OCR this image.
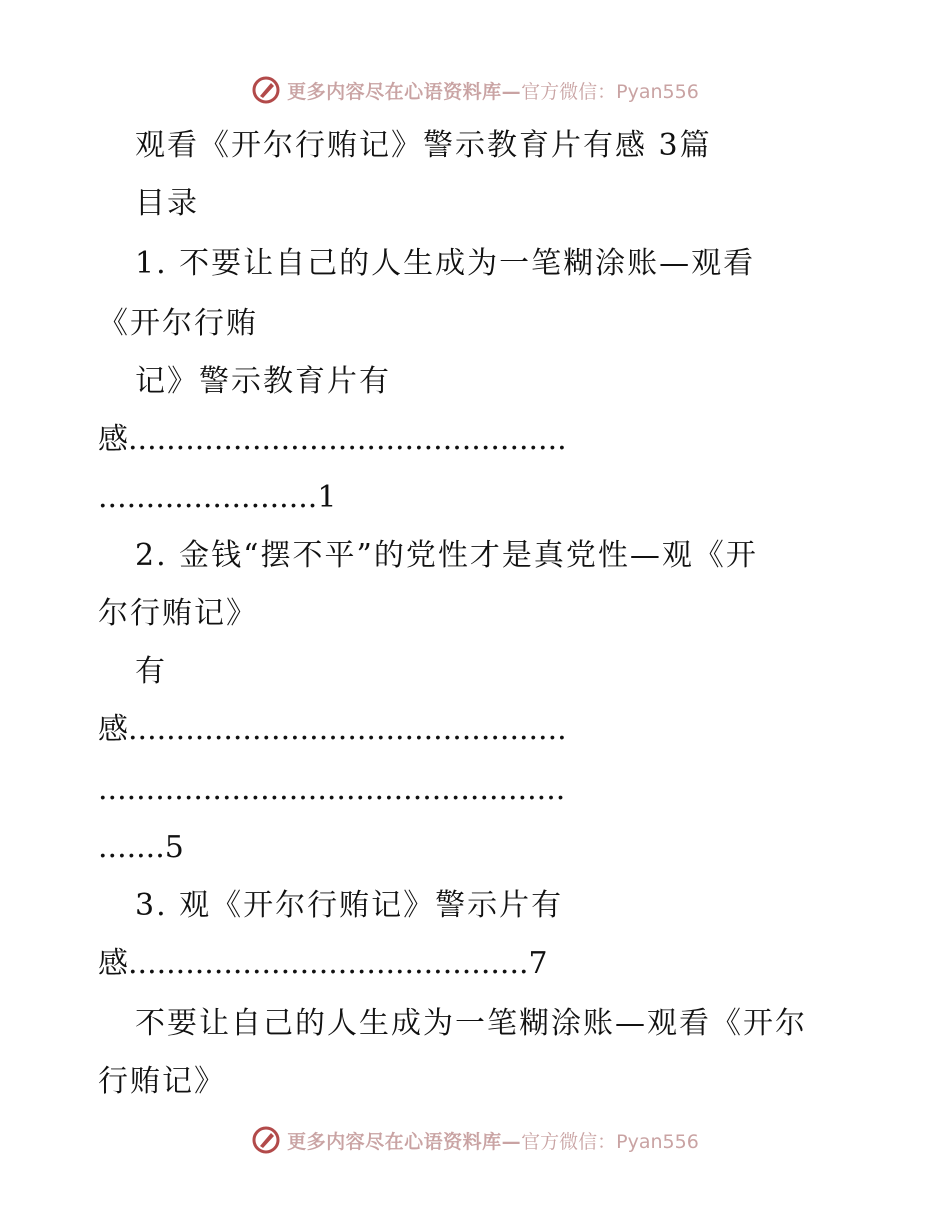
更多内容尽在心语资料库— 官方微信：Pyan556
观看《开尔行贿记》警示教育片有感 3篇
目录
1. 不要让自己的人生成为一笔糊涂账—观看
《开尔行贿
记》警示教育片有
感..............................................
.......................1
2. 金钱“摆不平”的党性才是真党性—观《开
尔行贿记》
有
感..............................................
.................................................
.......5
3. 观《开尔行贿记》警示片有
感..........................................7
不要让自己的人生成为一笔糊涂账—观看《开尔
行贿记》
更多内容尽在心语资料库— 官方微信：Pyan556
